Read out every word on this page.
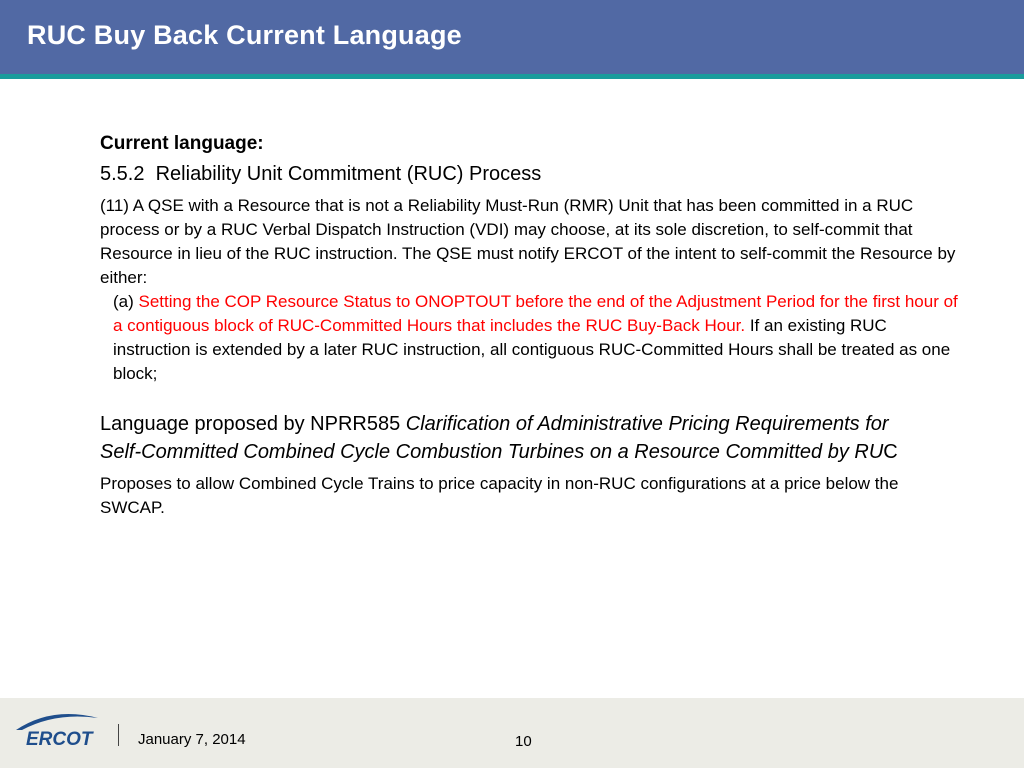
RUC Buy Back Current Language

Current language:

5.5.2 Reliability Unit Commitment (RUC) Process

(11) A QSE with a Resource that is not a Reliability Must-Run (RMR) Unit that has been committed in a RUC process or by a RUC Verbal Dispatch Instruction (VDI) may choose, at its sole discretion, to self-commit that Resource in lieu of the RUC instruction. The QSE must notify ERCOT of the intent to self-commit the Resource by either:

(a) Setting the COP Resource Status to ONOPTOUT before the end of the Adjustment Period for the first hour of a contiguous block of RUC-Committed Hours that includes the RUC Buy-Back Hour. If an existing RUC instruction is extended by a later RUC instruction, all contiguous RUC-Committed Hours shall be treated as one block;

Language proposed by NPRR585 Clarification of Administrative Pricing Requirements for Self-Committed Combined Cycle Combustion Turbines on a Resource Committed by RUC

Proposes to allow Combined Cycle Trains to price capacity in non-RUC configurations at a price below the SWCAP.

ERCOT	January 7, 2014	10
